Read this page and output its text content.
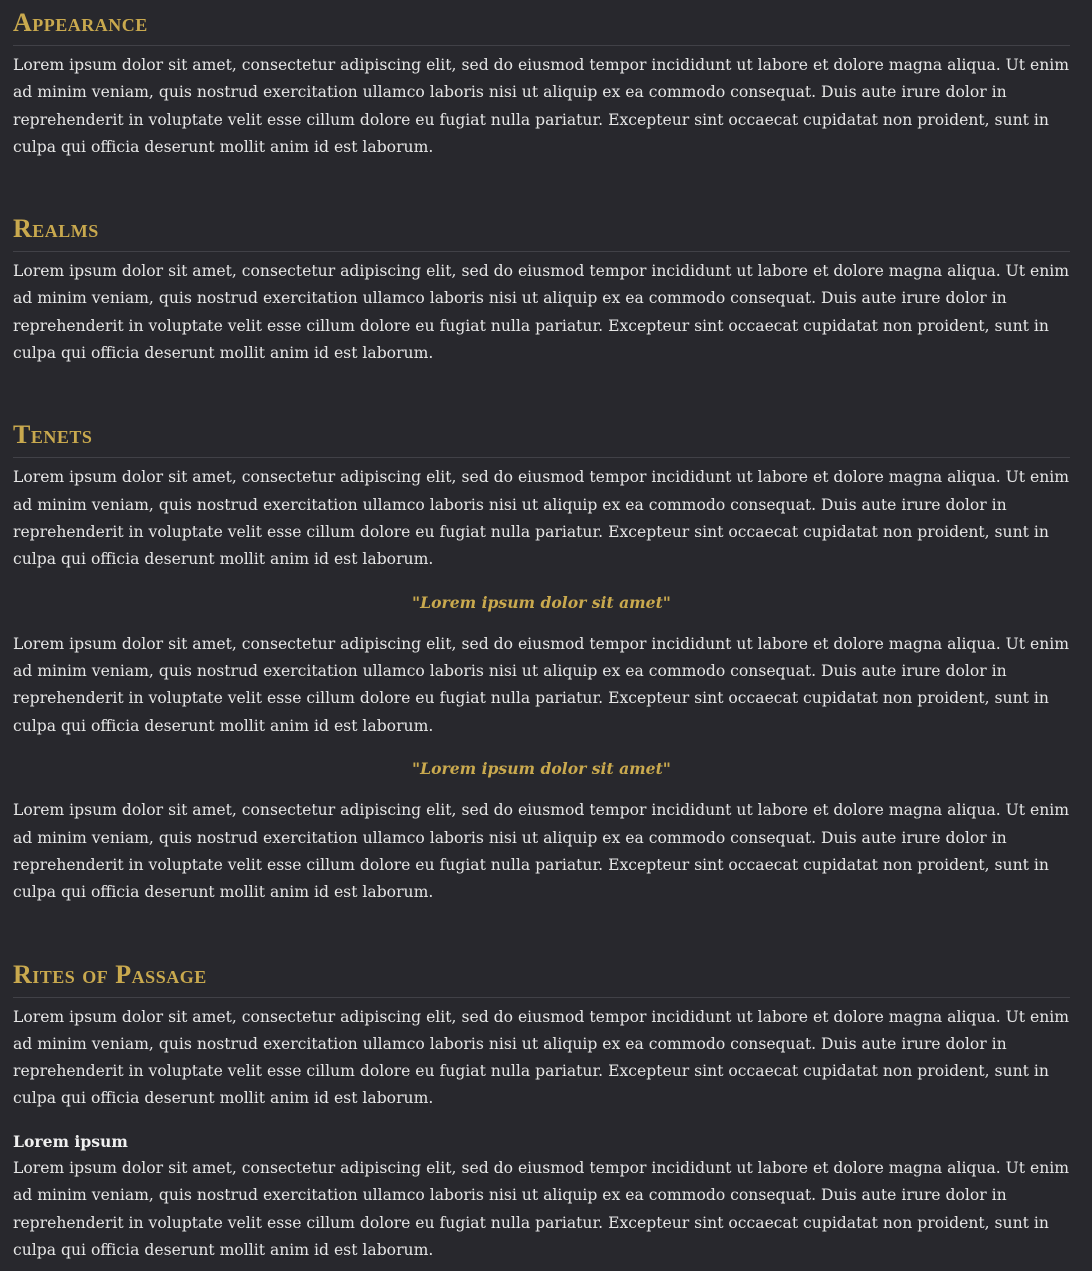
Appearance

Lorem ipsum dolor sit amet, consectetur adipiscing elit, sed do eiusmod tempor incididunt ut labore et dolore magna aliqua. Ut enim ad minim veniam, quis nostrud exercitation ullamco laboris nisi ut aliquip ex ea commodo consequat. Duis aute irure dolor in reprehenderit in voluptate velit esse cillum dolore eu fugiat nulla pariatur. Excepteur sint occaecat cupidatat non proident, sunt in culpa qui officia deserunt mollit anim id est laborum.

Realms

Lorem ipsum dolor sit amet, consectetur adipiscing elit, sed do eiusmod tempor incididunt ut labore et dolore magna aliqua. Ut enim ad minim veniam, quis nostrud exercitation ullamco laboris nisi ut aliquip ex ea commodo consequat. Duis aute irure dolor in reprehenderit in voluptate velit esse cillum dolore eu fugiat nulla pariatur. Excepteur sint occaecat cupidatat non proident, sunt in culpa qui officia deserunt mollit anim id est laborum.

Tenets

Lorem ipsum dolor sit amet, consectetur adipiscing elit, sed do eiusmod tempor incididunt ut labore et dolore magna aliqua. Ut enim ad minim veniam, quis nostrud exercitation ullamco laboris nisi ut aliquip ex ea commodo consequat. Duis aute irure dolor in reprehenderit in voluptate velit esse cillum dolore eu fugiat nulla pariatur. Excepteur sint occaecat cupidatat non proident, sunt in culpa qui officia deserunt mollit anim id est laborum.

"Lorem ipsum dolor sit amet"

Lorem ipsum dolor sit amet, consectetur adipiscing elit, sed do eiusmod tempor incididunt ut labore et dolore magna aliqua. Ut enim ad minim veniam, quis nostrud exercitation ullamco laboris nisi ut aliquip ex ea commodo consequat. Duis aute irure dolor in reprehenderit in voluptate velit esse cillum dolore eu fugiat nulla pariatur. Excepteur sint occaecat cupidatat non proident, sunt in culpa qui officia deserunt mollit anim id est laborum.

"Lorem ipsum dolor sit amet"

Lorem ipsum dolor sit amet, consectetur adipiscing elit, sed do eiusmod tempor incididunt ut labore et dolore magna aliqua. Ut enim ad minim veniam, quis nostrud exercitation ullamco laboris nisi ut aliquip ex ea commodo consequat. Duis aute irure dolor in reprehenderit in voluptate velit esse cillum dolore eu fugiat nulla pariatur. Excepteur sint occaecat cupidatat non proident, sunt in culpa qui officia deserunt mollit anim id est laborum.

Rites of Passage

Lorem ipsum dolor sit amet, consectetur adipiscing elit, sed do eiusmod tempor incididunt ut labore et dolore magna aliqua. Ut enim ad minim veniam, quis nostrud exercitation ullamco laboris nisi ut aliquip ex ea commodo consequat. Duis aute irure dolor in reprehenderit in voluptate velit esse cillum dolore eu fugiat nulla pariatur. Excepteur sint occaecat cupidatat non proident, sunt in culpa qui officia deserunt mollit anim id est laborum.

Lorem ipsum

Lorem ipsum dolor sit amet, consectetur adipiscing elit, sed do eiusmod tempor incididunt ut labore et dolore magna aliqua. Ut enim ad minim veniam, quis nostrud exercitation ullamco laboris nisi ut aliquip ex ea commodo consequat. Duis aute irure dolor in reprehenderit in voluptate velit esse cillum dolore eu fugiat nulla pariatur. Excepteur sint occaecat cupidatat non proident, sunt in culpa qui officia deserunt mollit anim id est laborum.
